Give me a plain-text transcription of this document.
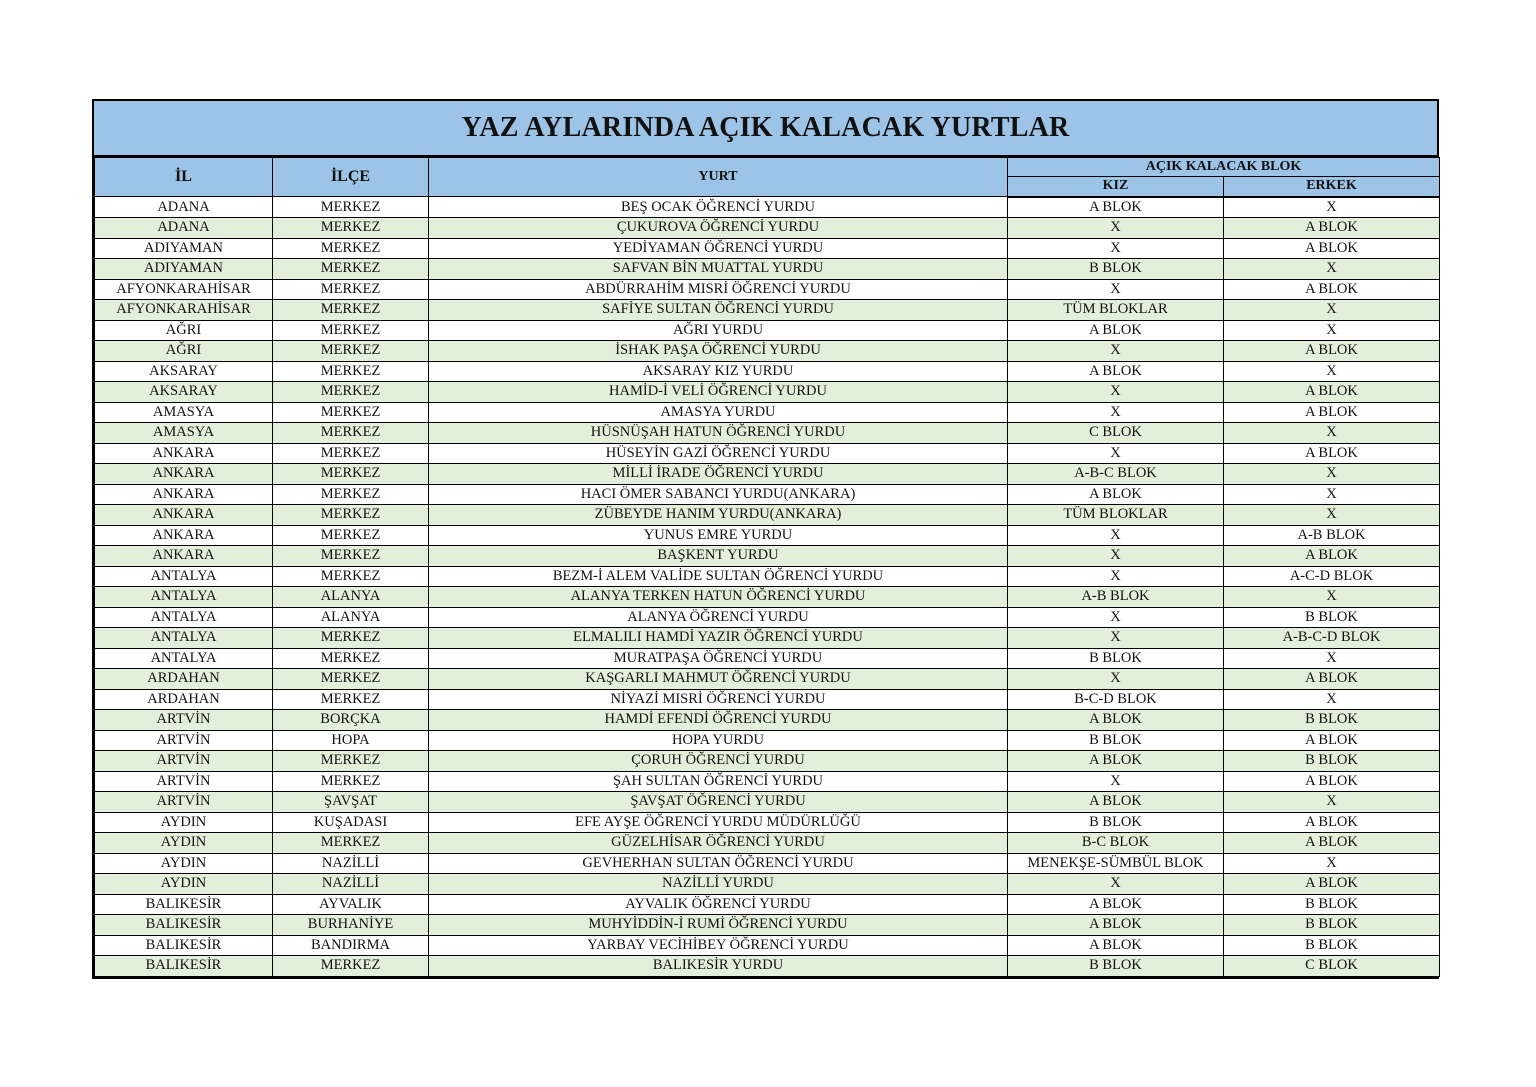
YAZ AYLARINDA AÇIK KALACAK YURTLAR
İL	İLÇE	YURT	AÇIK KALACAK BLOK	
			KIZ	ERKEK
ADANA	MERKEZ	BEŞ OCAK ÖĞRENCİ YURDU	A BLOK	X
ADANA	MERKEZ	ÇUKUROVA ÖĞRENCİ YURDU	X	A BLOK
ADIYAMAN	MERKEZ	YEDİYAMAN ÖĞRENCİ YURDU	X	A BLOK
ADIYAMAN	MERKEZ	SAFVAN BİN MUATTAL YURDU	B BLOK	X
AFYONKARAHİSAR	MERKEZ	ABDÜRRAHİM MISRİ ÖĞRENCİ YURDU	X	A BLOK
AFYONKARAHİSAR	MERKEZ	SAFİYE SULTAN ÖĞRENCİ YURDU	TÜM BLOKLAR	X
AĞRI	MERKEZ	AĞRI YURDU	A BLOK	X
AĞRI	MERKEZ	İSHAK PAŞA ÖĞRENCİ YURDU	X	A BLOK
AKSARAY	MERKEZ	AKSARAY KIZ YURDU	A BLOK	X
AKSARAY	MERKEZ	HAMİD-İ VELİ ÖĞRENCİ YURDU	X	A BLOK
AMASYA	MERKEZ	AMASYA YURDU	X	A BLOK
AMASYA	MERKEZ	HÜSNÜŞAH HATUN ÖĞRENCİ YURDU	C BLOK	X
ANKARA	MERKEZ	HÜSEYİN GAZİ ÖĞRENCİ YURDU	X	A BLOK
ANKARA	MERKEZ	MİLLİ İRADE ÖĞRENCİ YURDU	A-B-C BLOK	X
ANKARA	MERKEZ	HACI ÖMER SABANCI YURDU(ANKARA)	A BLOK	X
ANKARA	MERKEZ	ZÜBEYDE HANIM YURDU(ANKARA)	TÜM BLOKLAR	X
ANKARA	MERKEZ	YUNUS EMRE YURDU	X	A-B BLOK
ANKARA	MERKEZ	BAŞKENT YURDU	X	A BLOK
ANTALYA	MERKEZ	BEZM-İ ALEM VALİDE SULTAN ÖĞRENCİ YURDU	X	A-C-D BLOK
ANTALYA	ALANYA	ALANYA TERKEN HATUN ÖĞRENCİ YURDU	A-B BLOK	X
ANTALYA	ALANYA	ALANYA ÖĞRENCİ YURDU	X	B BLOK
ANTALYA	MERKEZ	ELMALILI HAMDİ YAZIR ÖĞRENCİ YURDU	X	A-B-C-D BLOK
ANTALYA	MERKEZ	MURATPAŞA ÖĞRENCİ YURDU	B BLOK	X
ARDAHAN	MERKEZ	KAŞGARLI MAHMUT ÖĞRENCİ YURDU	X	A BLOK
ARDAHAN	MERKEZ	NİYAZİ MISRİ ÖĞRENCİ YURDU	B-C-D BLOK	X
ARTVİN	BORÇKA	HAMDİ EFENDİ ÖĞRENCİ YURDU	A BLOK	B BLOK
ARTVİN	HOPA	HOPA YURDU	B BLOK	A BLOK
ARTVİN	MERKEZ	ÇORUH ÖĞRENCİ YURDU	A BLOK	B BLOK
ARTVİN	MERKEZ	ŞAH SULTAN ÖĞRENCİ YURDU	X	A BLOK
ARTVİN	ŞAVŞAT	ŞAVŞAT ÖĞRENCİ YURDU	A BLOK	X
AYDIN	KUŞADASI	EFE AYŞE ÖĞRENCİ YURDU MÜDÜRLÜĞÜ	B BLOK	A BLOK
AYDIN	MERKEZ	GÜZELHİSAR ÖĞRENCİ YURDU	B-C BLOK	A BLOK
AYDIN	NAZİLLİ	GEVHERHAN SULTAN ÖĞRENCİ YURDU	MENEKŞE-SÜMBÜL BLOK	X
AYDIN	NAZİLLİ	NAZİLLİ YURDU	X	A BLOK
BALIKESİR	AYVALIK	AYVALIK ÖĞRENCİ YURDU	A BLOK	B BLOK
BALIKESİR	BURHANİYE	MUHYİDDİN-İ RUMİ ÖĞRENCİ YURDU	A BLOK	B BLOK
BALIKESİR	BANDIRMA	YARBAY VECİHİBEY ÖĞRENCİ YURDU	A BLOK	B BLOK
BALIKESİR	MERKEZ	BALIKESİR YURDU	B BLOK	C BLOK
